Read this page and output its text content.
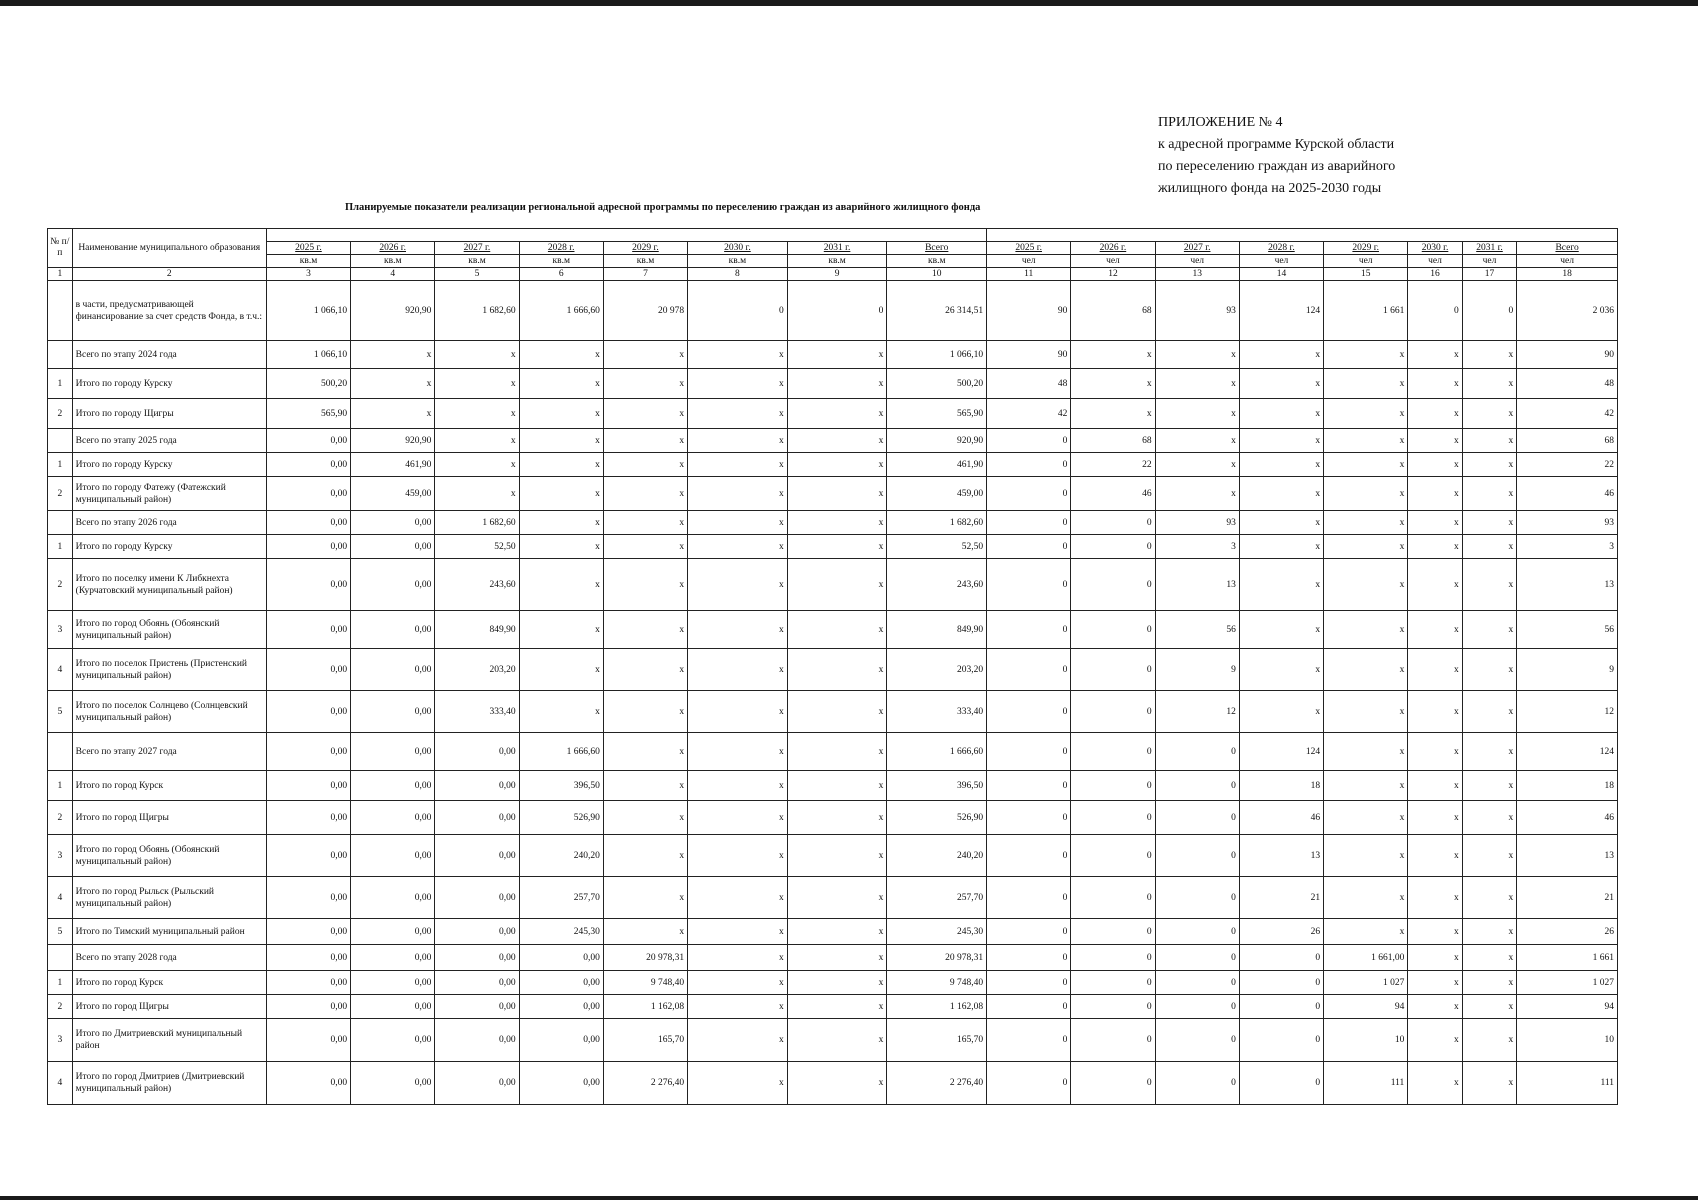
ПРИЛОЖЕНИЕ № 4
к адресной программе Курской области
по переселению граждан из аварийного
жилищного фонда на 2025-2030 годы
Планируемые показатели реализации региональной адресной программы по переселению граждан из аварийного жилищного фонда
№ п/п	Наименование муниципального образования																
		2025 г.	2026 г.	2027 г.	2028 г.	2029 г.	2030 г.	2031 г.	Всего	2025 г.	2026 г.	2027 г.	2028 г.	2029 г.	2030 г.	2031 г.	Всего
		кв.м	кв.м	кв.м	кв.м	кв.м	кв.м	кв.м	кв.м	чел	чел	чел	чел	чел	чел	чел	чел
1	2	3	4	5	6	7	8	9	10	11	12	13	14	15	16	17	18
	в части, предусматривающей финансирование за счет средств Фонда, в т.ч.:	1 066,10	920,90	1 682,60	1 666,60	20 978	0	0	26 314,51	90	68	93	124	1 661	0	0	2 036
	Всего по этапу 2024 года	1 066,10	x	x	x	x	x	x	1 066,10	90	x	x	x	x	x	x	90
1	Итого по городу Курску	500,20	x	x	x	x	x	x	500,20	48	x	x	x	x	x	x	48
2	Итого по городу Щигры	565,90	x	x	x	x	x	x	565,90	42	x	x	x	x	x	x	42
	Всего по этапу 2025 года	0,00	920,90	x	x	x	x	x	920,90	0	68	x	x	x	x	x	68
1	Итого по городу Курску	0,00	461,90	x	x	x	x	x	461,90	0	22	x	x	x	x	x	22
2	Итого по городу Фатежу (Фатежский муниципальный район)	0,00	459,00	x	x	x	x	x	459,00	0	46	x	x	x	x	x	46
	Всего по этапу 2026 года	0,00	0,00	1 682,60	x	x	x	x	1 682,60	0	0	93	x	x	x	x	93
1	Итого по городу Курску	0,00	0,00	52,50	x	x	x	x	52,50	0	0	3	x	x	x	x	3
2	Итого по поселку имени К Либкнехта (Курчатовский муниципальный район)	0,00	0,00	243,60	x	x	x	x	243,60	0	0	13	x	x	x	x	13
3	Итого по город Обоянь (Обоянский муниципальный район)	0,00	0,00	849,90	x	x	x	x	849,90	0	0	56	x	x	x	x	56
4	Итого по поселок Пристень (Пристенский муниципальный район)	0,00	0,00	203,20	x	x	x	x	203,20	0	0	9	x	x	x	x	9
5	Итого по поселок Солнцево (Солнцевский муниципальный район)	0,00	0,00	333,40	x	x	x	x	333,40	0	0	12	x	x	x	x	12
	Всего по этапу 2027 года	0,00	0,00	0,00	1 666,60	x	x	x	1 666,60	0	0	0	124	x	x	x	124
1	Итого по город Курск	0,00	0,00	0,00	396,50	x	x	x	396,50	0	0	0	18	x	x	x	18
2	Итого по город Щигры	0,00	0,00	0,00	526,90	x	x	x	526,90	0	0	0	46	x	x	x	46
3	Итого по город Обоянь (Обоянский муниципальный район)	0,00	0,00	0,00	240,20	x	x	x	240,20	0	0	0	13	x	x	x	13
4	Итого по город Рыльск (Рыльский муниципальный район)	0,00	0,00	0,00	257,70	x	x	x	257,70	0	0	0	21	x	x	x	21
5	Итого по Тимский муниципальный район	0,00	0,00	0,00	245,30	x	x	x	245,30	0	0	0	26	x	x	x	26
	Всего по этапу 2028 года	0,00	0,00	0,00	0,00	20 978,31	x	x	20 978,31	0	0	0	0	1 661,00	x	x	1 661
1	Итого по город Курск	0,00	0,00	0,00	0,00	9 748,40	x	x	9 748,40	0	0	0	0	1 027	x	x	1 027
2	Итого по город Щигры	0,00	0,00	0,00	0,00	1 162,08	x	x	1 162,08	0	0	0	0	94	x	x	94
3	Итого по Дмитриевский муниципальный район	0,00	0,00	0,00	0,00	165,70	x	x	165,70	0	0	0	0	10	x	x	10
4	Итого по город Дмитриев (Дмитриевский муниципальный район)	0,00	0,00	0,00	0,00	2 276,40	x	x	2 276,40	0	0	0	0	111	x	x	111
